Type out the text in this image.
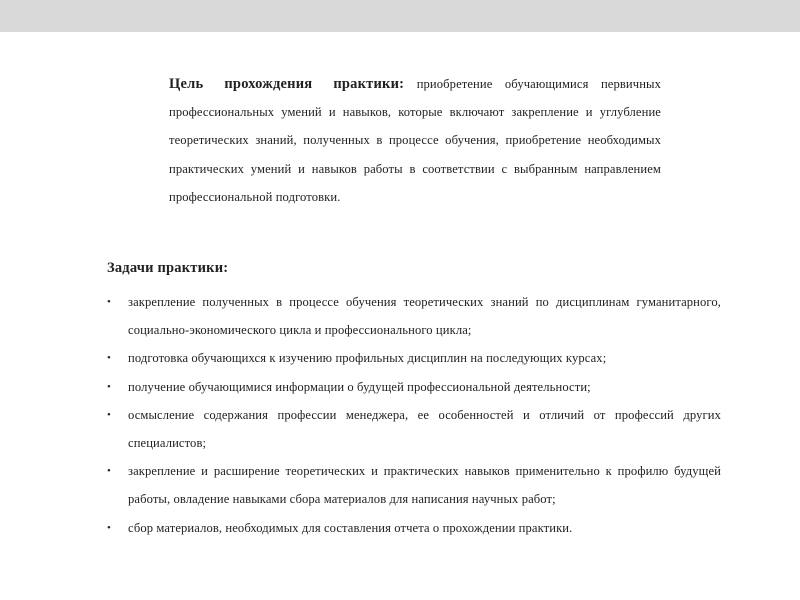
Цель прохождения практики: приобретение обучающимися первичных профессиональных умений и навыков, которые включают закрепление и углубление теоретических знаний, полученных в процессе обучения, приобретение необходимых практических умений и навыков работы в соответствии с выбранным направлением профессиональной подготовки.

Задачи практики:
• закрепление полученных в процессе обучения теоретических знаний по дисциплинам гуманитарного, социально-экономического цикла и профессионального цикла;
• подготовка обучающихся к изучению профильных дисциплин на последующих курсах;
• получение обучающимися информации о будущей профессиональной деятельности;
• осмысление содержания профессии менеджера, ее особенностей и отличий от профессий других специалистов;
• закрепление и расширение теоретических и практических навыков применительно к профилю будущей работы, овладение навыками сбора материалов для написания научных работ;
• сбор материалов, необходимых для составления отчета о прохождении практики.
